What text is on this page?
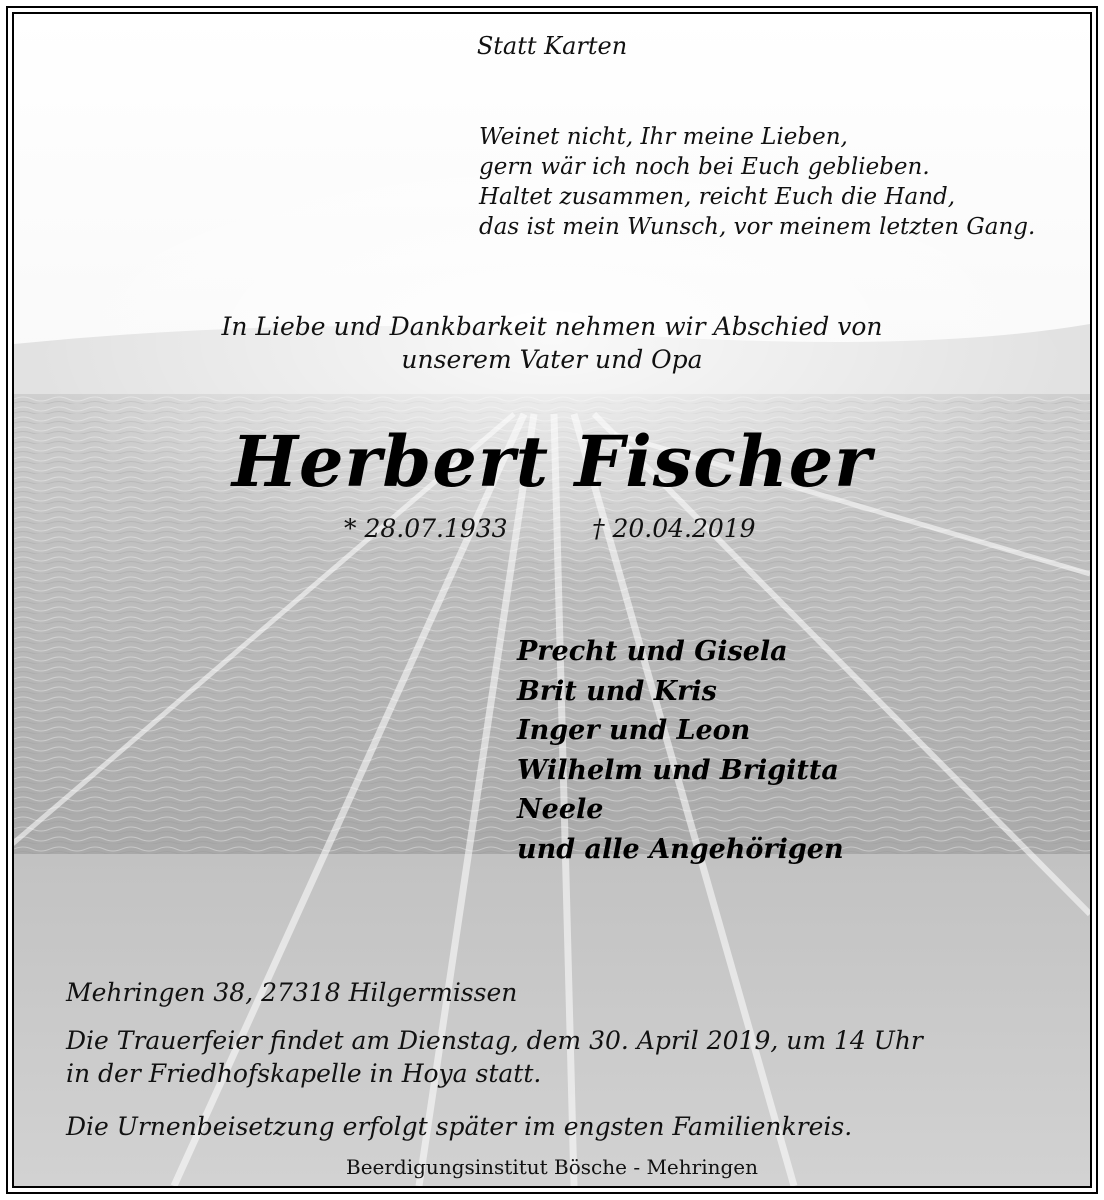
Statt Karten
Weinet nicht, Ihr meine Lieben,
gern wär ich noch bei Euch geblieben.
Haltet zusammen, reicht Euch die Hand,
das ist mein Wunsch, vor meinem letzten Gang.
In Liebe und Dankbarkeit nehmen wir Abschied von
unserem Vater und Opa
Herbert Fischer
* 28.07.1933	† 20.04.2019
Precht und Gisela
Brit und Kris
Inger und Leon
Wilhelm und Brigitta
Neele
und alle Angehörigen
Mehringen 38, 27318 Hilgermissen
Die Trauerfeier findet am Dienstag, dem 30. April 2019, um 14 Uhr
in der Friedhofskapelle in Hoya statt.
Die Urnenbeisetzung erfolgt später im engsten Familienkreis.
Beerdigungsinstitut Bösche - Mehringen
